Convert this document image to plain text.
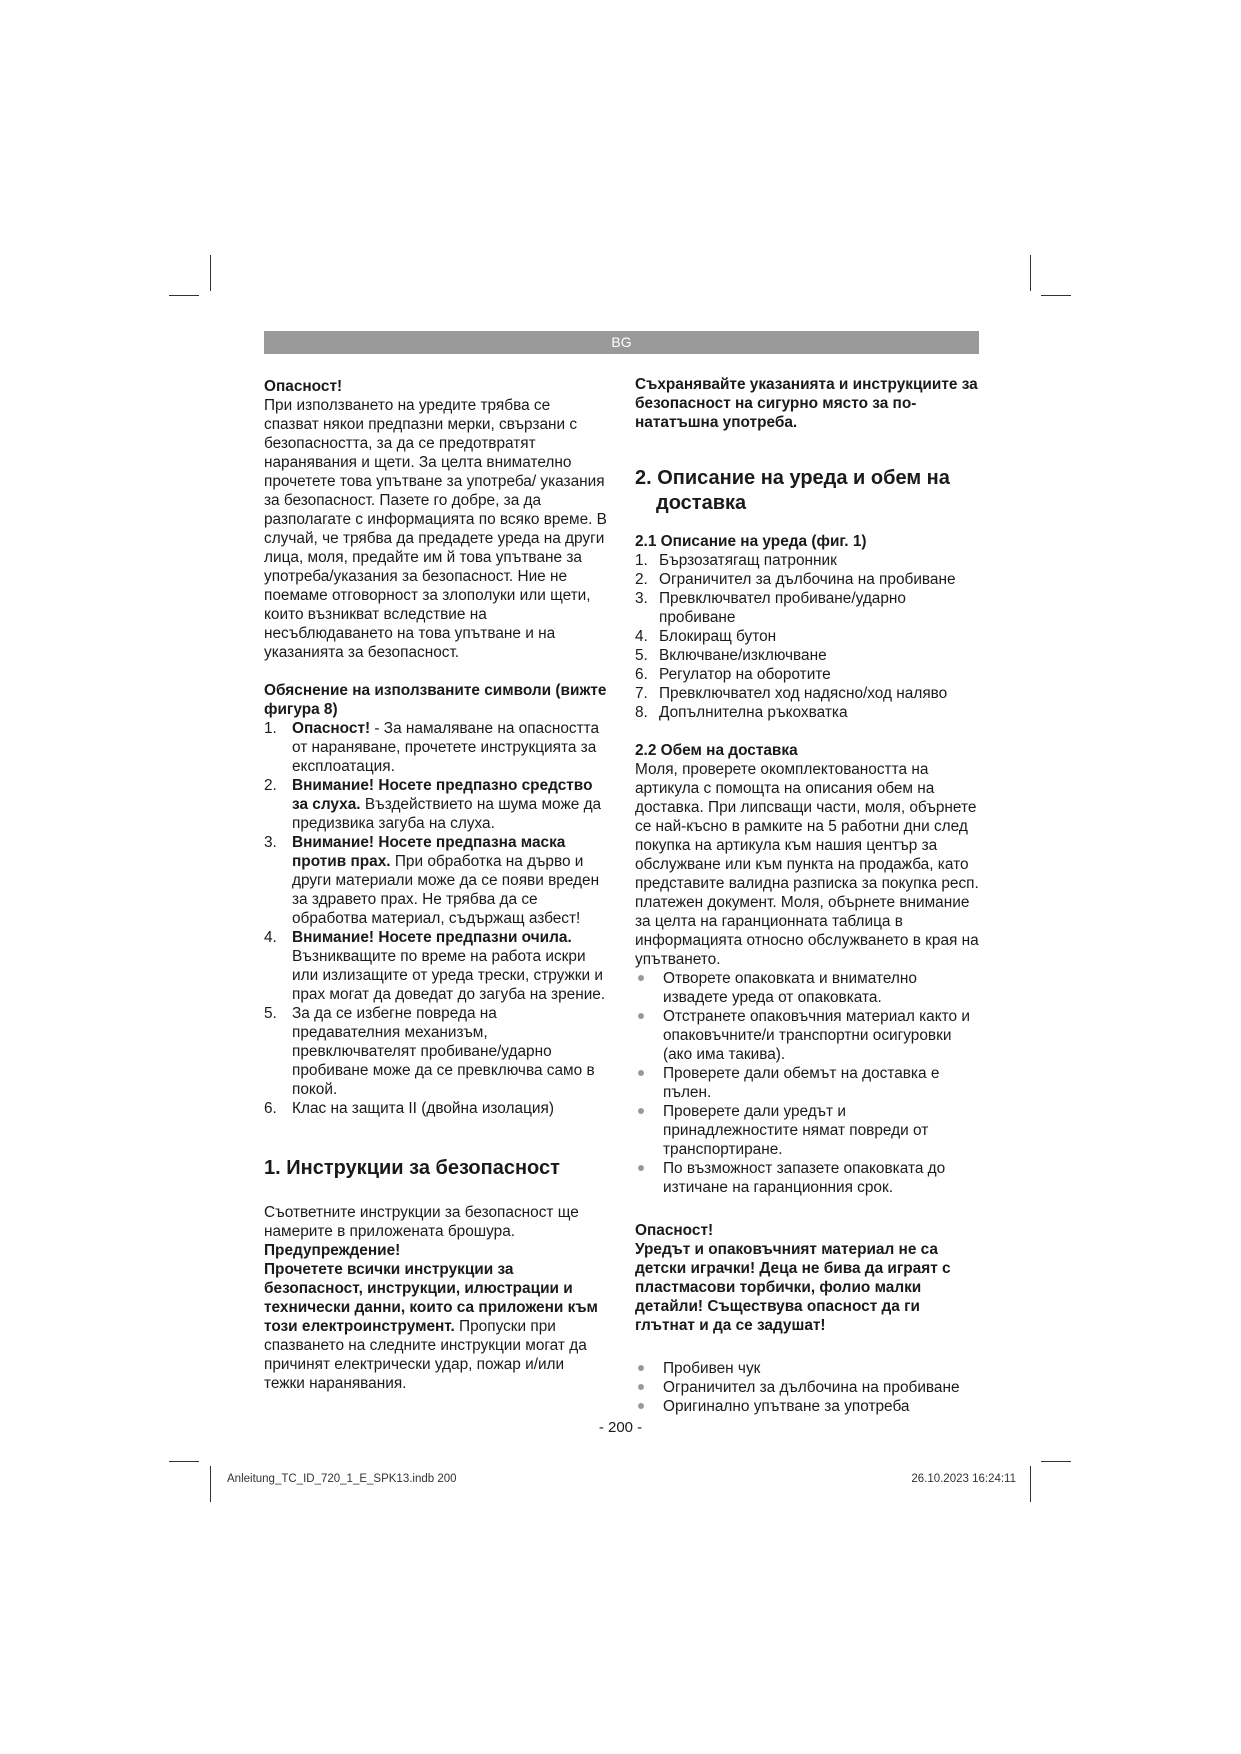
BG

Опасност!

При използването на уредите трябва се спазват някои предпазни мерки, свързани с безопасността, за да се предотвратят наранявания и щети. За целта внимателно прочетете това упътване за употреба/ указания за безопасност. Пазете го добре, за да разполагате с информацията по всяко време. В случай, че трябва да предадете уреда на други лица, моля, предайте им й това упътване за употреба/указания за безопасност. Ние не поемаме отговорност за злополуки или щети, които възникват вследствие на несъблюдаването на това упътване и на указанията за безопасност.

Обяснение на използваните символи (вижте фигура 8)

1. Опасност! - За намаляване на опасността от нараняване, прочетете инструкцията за експлоатация.
2. Внимание! Носете предпазно средство за слуха. Въздействието на шума може да предизвика загуба на слуха.
3. Внимание! Носете предпазна маска против прах. При обработка на дърво и други материали може да се появи вреден за здравето прах. Не трябва да се обработва материал, съдържащ азбест!
4. Внимание! Носете предпазни очила. Възникващите по време на работа искри или излизащите от уреда трески, стружки и прах могат да доведат до загуба на зрение.
5. За да се избегне повреда на предавателния механизъм, превключвателят пробиване/ударно пробиване може да се превключва само в покой.
6. Клас на защита II (двойна изолация)
1. Инструкции за безопасност

Съответните инструкции за безопасност ще намерите в приложената брошура.

Предупреждение!

Прочетете всички инструкции за безопасност, инструкции, илюстрации и технически данни, които са приложени към този електроинструмент. Пропуски при спазването на следните инструкции могат да причинят електрически удар, пожар и/или тежки наранявания.

Съхранявайте указанията и инструкциите за безопасност на сигурно място за по-нататъшна употреба.

2. Описание на уреда и обем на доставка

2.1 Описание на уреда (фиг. 1)

1. Бързозатягащ патронник
2. Ограничител за дълбочина на пробиване
3. Превключвател пробиване/ударно пробиване
4. Блокиращ бутон
5. Включване/изключване
6. Регулатор на оборотите
7. Превключвател ход надясно/ход наляво
8. Допълнителна ръкохватка

2.2 Обем на доставка

Моля, проверете окомплектоваността на артикула с помощта на описания обем на доставка. При липсващи части, моля, обърнете се най-късно в рамките на 5 работни дни след покупка на артикула към нашия център за обслужване или към пункта на продажба, като представите валидна разписка за покупка респ. платежен документ. Моля, обърнете внимание за целта на гаранционната таблица в информацията относно обслужването в края на упътването.

Отворете опаковката и внимателно извадете уреда от опаковката.
Отстранете опаковъчния материал както и опаковъчните/и транспортни осигуровки (ако има такива).
Проверете дали обемът на доставка е пълен.
Проверете дали уредът и принадлежностите нямат повреди от транспортиране.
По възможност запазете опаковката до изтичане на гаранционния срок.

Опасност!

Уредът и опаковъчният материал не са детски играчки! Деца не бива да играят с пластмасови торбички, фолио малки детайли! Съществува опасност да ги глътнат и да се задушат!

Пробивен чук
Ограничител за дълбочина на пробиване
Оригинално упътване за употреба
- 200 -
Anleitung_TC_ID_720_1_E_SPK13.indb 200	26.10.2023 16:24:11
